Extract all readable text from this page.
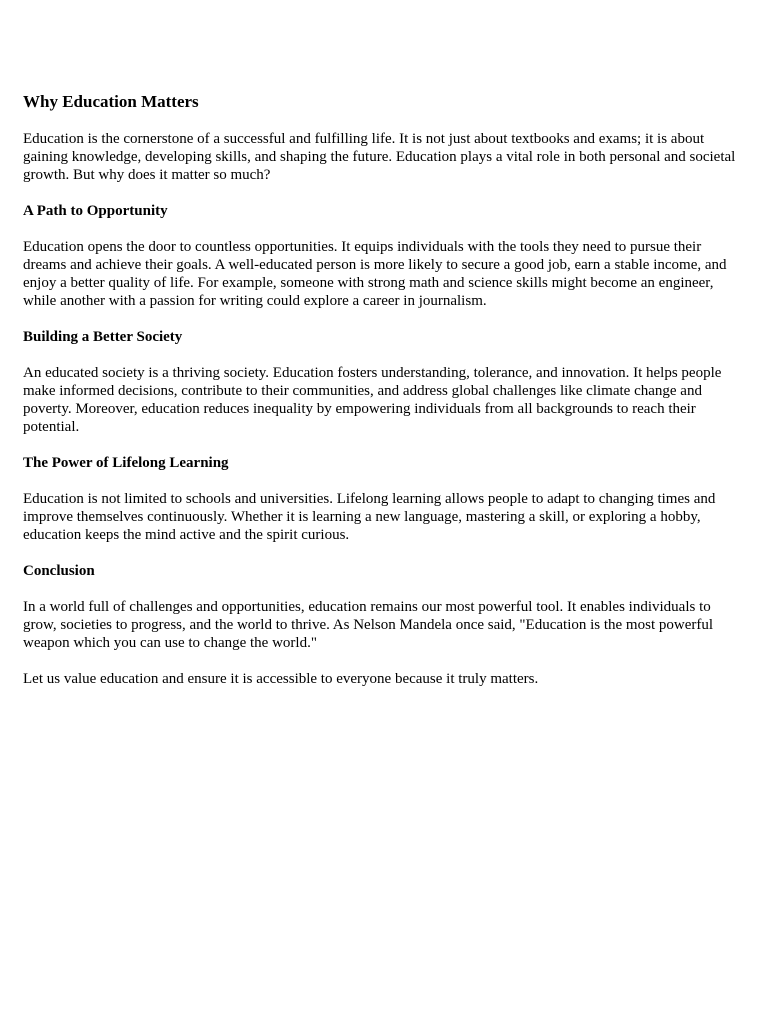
Why Education Matters

Education is the cornerstone of a successful and fulfilling life. It is not just about textbooks and exams; it is about gaining knowledge, developing skills, and shaping the future. Education plays a vital role in both personal and societal growth. But why does it matter so much?

A Path to Opportunity

Education opens the door to countless opportunities. It equips individuals with the tools they need to pursue their dreams and achieve their goals. A well-educated person is more likely to secure a good job, earn a stable income, and enjoy a better quality of life. For example, someone with strong math and science skills might become an engineer, while another with a passion for writing could explore a career in journalism.

Building a Better Society

An educated society is a thriving society. Education fosters understanding, tolerance, and innovation. It helps people make informed decisions, contribute to their communities, and address global challenges like climate change and poverty. Moreover, education reduces inequality by empowering individuals from all backgrounds to reach their potential.

The Power of Lifelong Learning

Education is not limited to schools and universities. Lifelong learning allows people to adapt to changing times and improve themselves continuously. Whether it is learning a new language, mastering a skill, or exploring a hobby, education keeps the mind active and the spirit curious.

Conclusion

In a world full of challenges and opportunities, education remains our most powerful tool. It enables individuals to grow, societies to progress, and the world to thrive. As Nelson Mandela once said, "Education is the most powerful weapon which you can use to change the world."

Let us value education and ensure it is accessible to everyone because it truly matters.
